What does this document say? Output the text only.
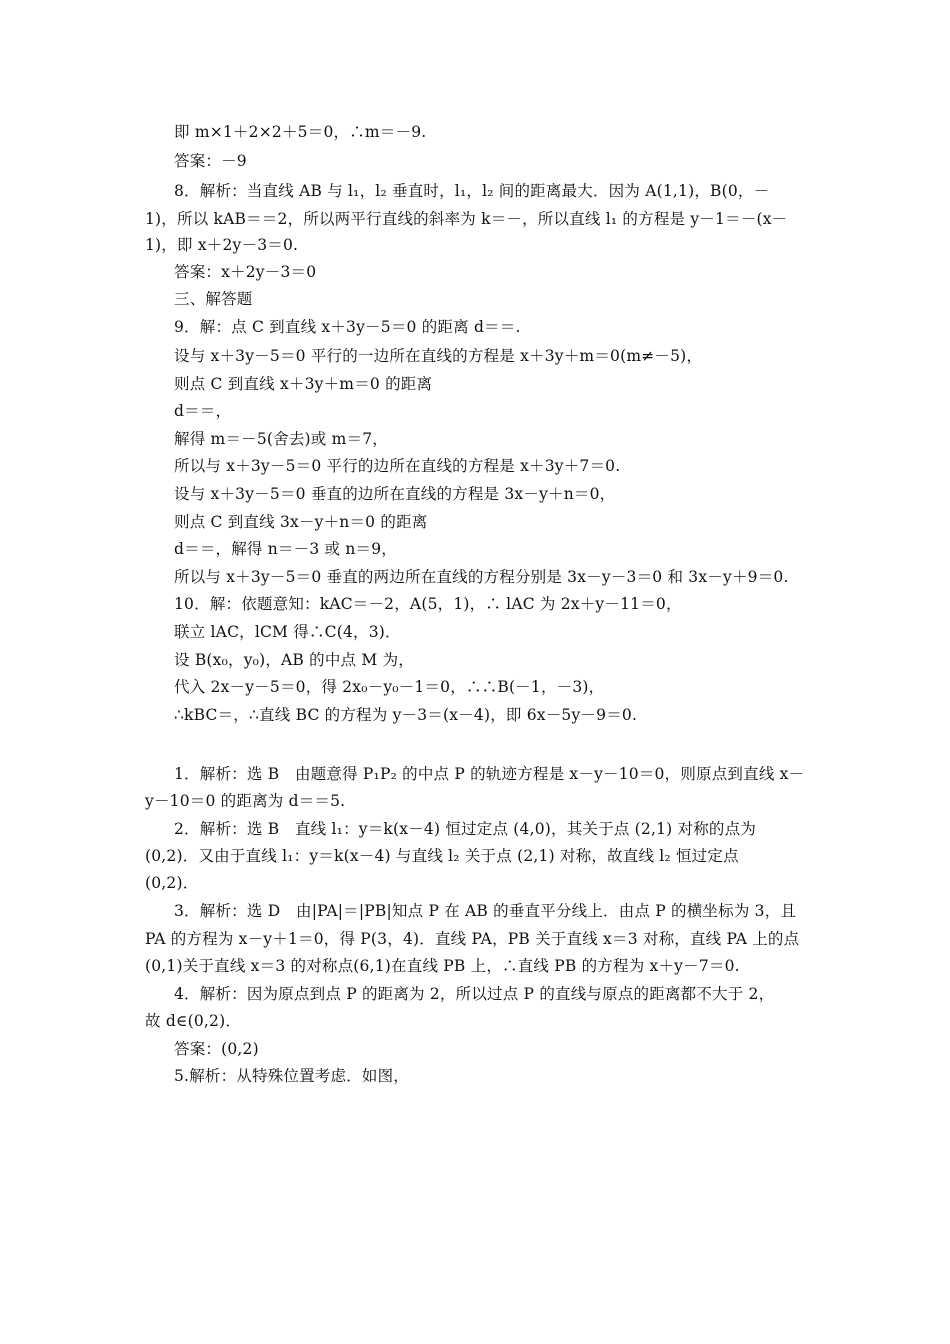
即 m×1＋2×2＋5＝0，∴m＝－9.
答案：－9
8．解析：当直线 AB 与 l₁，l₂ 垂直时，l₁，l₂ 间的距离最大．因为 A(1,1)，B(0，－
1)，所以 kAB＝＝2，所以两平行直线的斜率为 k＝－，所以直线 l₁ 的方程是 y－1＝－(x－
1)，即 x＋2y－3＝0.
答案：x＋2y－3＝0
三、解答题
9．解：点 C 到直线 x＋3y－5＝0 的距离 d＝＝.
设与 x＋3y－5＝0 平行的一边所在直线的方程是 x＋3y＋m＝0(m≠－5)，
则点 C 到直线 x＋3y＋m＝0 的距离
d＝＝，
解得 m＝－5(舍去)或 m＝7，
所以与 x＋3y－5＝0 平行的边所在直线的方程是 x＋3y＋7＝0.
设与 x＋3y－5＝0 垂直的边所在直线的方程是 3x－y＋n＝0，
则点 C 到直线 3x－y＋n＝0 的距离
d＝＝，解得 n＝－3 或 n＝9，
所以与 x＋3y－5＝0 垂直的两边所在直线的方程分别是 3x－y－3＝0 和 3x－y＋9＝0.
10．解：依题意知：kAC＝－2，A(5，1)，∴ lAC 为 2x＋y－11＝0，
联立 lAC，lCM 得∴C(4，3)．
设 B(x₀，y₀)，AB 的中点 M 为，
代入 2x－y－5＝0，得 2x₀－y₀－1＝0，∴∴B(－1，－3)，
∴kBC＝，∴直线 BC 的方程为 y－3＝(x－4)，即 6x－5y－9＝0.
1．解析：选 B　由题意得 P₁P₂ 的中点 P 的轨迹方程是 x－y－10＝0，则原点到直线 x－
y－10＝0 的距离为 d＝＝5.
2．解析：选 B　直线 l₁：y＝k(x－4) 恒过定点 (4,0)，其关于点 (2,1) 对称的点为
(0,2)．又由于直线 l₁：y＝k(x－4) 与直线 l₂ 关于点 (2,1) 对称，故直线 l₂ 恒过定点
(0,2)．
3．解析：选 D　由|PA|＝|PB|知点 P 在 AB 的垂直平分线上．由点 P 的横坐标为 3，且
PA 的方程为 x－y＋1＝0，得 P(3，4)．直线 PA，PB 关于直线 x＝3 对称，直线 PA 上的点
(0,1)关于直线 x＝3 的对称点(6,1)在直线 PB 上，∴直线 PB 的方程为 x＋y－7＝0.
4．解析：因为原点到点 P 的距离为 2，所以过点 P 的直线与原点的距离都不大于 2，
故 d∈(0,2)．
答案：(0,2)
5.解析：从特殊位置考虑．如图，
